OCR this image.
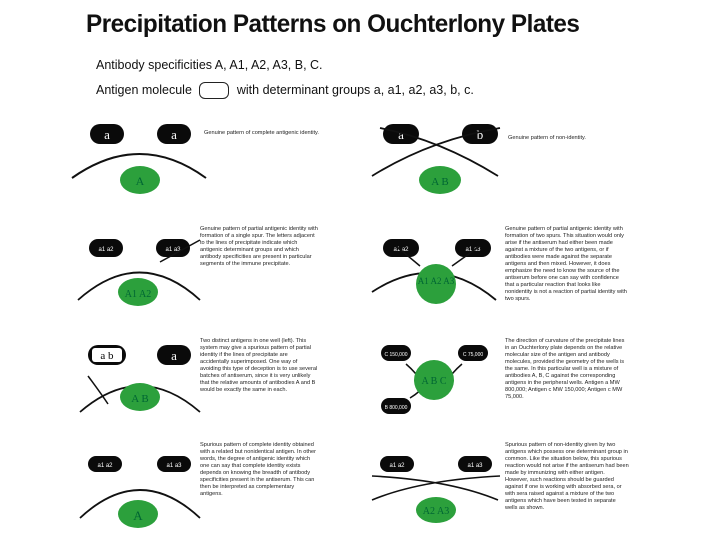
Precipitation Patterns on Ouchterlony Plates
Antibody specificities A, A1, A2, A3, B, C.
Antigen molecule	with determinant groups a, a1, a2, a3, b, c.
a	a
A
a	b
A B
a1 a2	a1 a3
A1 A2
a1 a2	a1 a3
A1 A2 A3
a b	a
A B
C 150,000	C 75,000
B 800,000
A B C
a1 a2	a1 a3
A
a1 a2	a1 a3
A2 A3

Genuine pattern of complete antigenic identity.

Genuine pattern of non-identity.

Genuine pattern of partial antigenic identity with formation of a single spur. The letters adjacent to the lines of precipitate indicate which antigenic determinant groups and which antibody specificities are present in particular segments of the immune precipitate.

Genuine pattern of partial antigenic identity with formation of two spurs. This situation would only arise if the antiserum had either been made against a mixture of the two antigens, or if antibodies were made against the separate antigens and then mixed. However, it does emphasize the need to know the source of the antiserum before one can say with confidence that a particular reaction that looks like nonidentity is not a reaction of partial identity with two spurs.

Two distinct antigens in one well (left). This system may give a spurious pattern of partial identity if the lines of precipitate are accidentally superimposed. One way of avoiding this type of deception is to use several batches of antiserum, since it is very unlikely that the relative amounts of antibodies A and B would be exactly the same in each.

The direction of curvature of the precipitate lines in an Ouchterlony plate depends on the relative molecular size of the antigen and antibody molecules, provided the geometry of the wells is the same. In this particular well is a mixture of antibodies A, B, C against the corresponding antigens in the peripheral wells. Antigen a MW 800,000; Antigen c MW 150,000; Antigen c MW 75,000.

Spurious pattern of complete identity obtained with a related but nonidentical antigen. In other words, the degree of antigenic identity which one can say that complete identity exists depends on knowing the breadth of antibody specificities present in the antiserum. This can then be interpreted as complementary antigens.

Spurious pattern of non-identity given by two antigens which possess one determinant group in common. Like the situation below, this spurious reaction would not arise if the antiserum had been made by immunizing with either antigen. However, such reactions should be guarded against if one is working with absorbed sera, or with sera raised against a mixture of the two antigens which have been tested in separate wells as shown.
